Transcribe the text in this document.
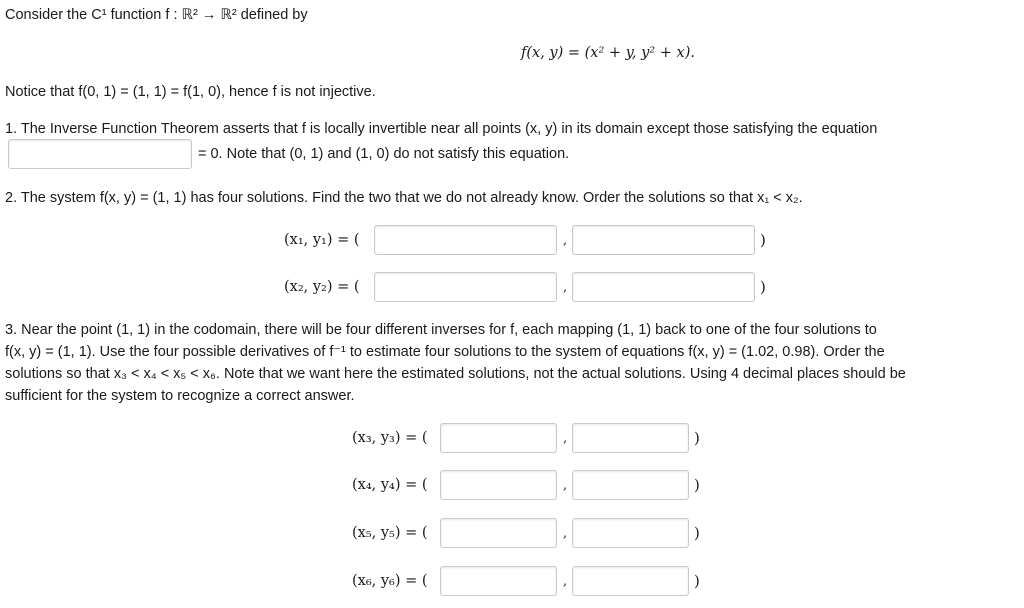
Consider the C¹ function f : ℝ² → ℝ² defined by
f(x, y) = (x² + y, y² + x).
Notice that f(0, 1) = (1, 1) = f(1, 0), hence f is not injective.
1. The Inverse Function Theorem asserts that f is locally invertible near all points (x, y) in its domain except those satisfying the equation
= 0. Note that (0, 1) and (1, 0) do not satisfy this equation.
2. The system f(x, y) = (1, 1) has four solutions. Find the two that we do not already know. Order the solutions so that x₁ < x₂.
(x₁, y₁) = (	,	)
(x₂, y₂) = (	,	)
3. Near the point (1, 1) in the codomain, there will be four different inverses for f, each mapping (1, 1) back to one of the four solutions to
f(x, y) = (1, 1). Use the four possible derivatives of f⁻¹ to estimate four solutions to the system of equations f(x, y) = (1.02, 0.98). Order the
solutions so that x₃ < x₄ < x₅ < x₆. Note that we want here the estimated solutions, not the actual solutions. Using 4 decimal places should be
sufficient for the system to recognize a correct answer.
(x₃, y₃) = (	,	)
(x₄, y₄) = (	,	)
(x₅, y₅) = (	,	)
(x₆, y₆) = (	,	)
